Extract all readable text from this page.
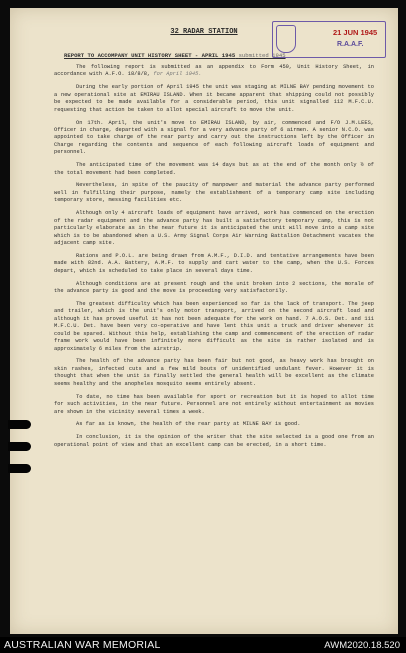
21 JUN 1945
R.A.A.F.
32 RADAR STATION
REPORT TO ACCOMPANY UNIT HISTORY SHEET - APRIL 1945 submitted 1945

The following report is submitted as an appendix to Form 450, Unit History Sheet, in accordance with A.F.O. 18/8/8, for April 1945.

During the early portion of April 1945 the unit was staging at MILNE BAY pending movement to a new operational site at EMIRAU ISLAND. When it became apparent that shipping could not possibly be expected to be made available for a considerable period, this unit signalled 112 M.F.C.U. requesting that action be taken to allot special aircraft to move the unit.

On 17th. April, the unit's move to EMIRAU ISLAND, by air, commenced and F/O J.M.LEES, Officer in charge, departed with a signal for a very advance party of 6 airmen. A senior N.C.O. was appointed to take charge of the rear party and carry out the instructions left by the Officer in Charge regarding the contents and sequence of each following aircraft loads of equipment and personnel.

The anticipated time of the movement was 14 days but as at the end of the month only ½ of the total movement had been completed.

Nevertheless, in spite of the paucity of manpower and material the advance party performed well in fulfilling their purpose, namely the establishment of a temporary camp site including temporary store, messing facilities etc.

Although only 4 aircraft loads of equipment have arrived, work has commenced on the erection of the radar equipment and the advance party has built a satisfactory temporary camp, this is not particularly elaborate as in the near future it is anticipated the unit will move into a camp site which is to be abandoned when a U.S. Army Signal Corps Air Warning Battalion Detachment vacates the adjacent camp site.

Rations and P.O.L. are being drawn from A.M.F., D.I.D. and tentative arrangements have been made with 82nd. A.A. Battery, A.M.F. to supply and cart water to the camp, when the U.S. Forces depart, which is scheduled to take place in several days time.

Although conditions are at present rough and the unit broken into 2 sections, the morale of the advance party is good and the move is proceeding very satisfactorily.

The greatest difficulty which has been experienced so far is the lack of transport. The jeep and trailer, which is the unit's only motor transport, arrived on the second aircraft load and although it has proved useful it has not been adequate for the work on hand. 7 A.O.S. Det. and 111 M.F.C.U. Det. have been very co-operative and have lent this unit a truck and driver whenever it could be spared. Without this help, establishing the camp and commencement of the erection of radar frame work would have been infinitely more difficult as the site is rather isolated and is approximately 6 miles from the airstrip.

The health of the advance party has been fair but not good, as heavy work has brought on skin rashes, infected cuts and a few mild bouts of unidentified undulant fever. However it is thought that when the unit is finally settled the general health will be excellent as the climate seems healthy and the anopheles mosquito seems entirely absent.

To date, no time has been available for sport or recreation but it is hoped to allot time for such activities, in the near future. Personnel are not entirely without entertainment as movies are shown in the vicinity several times a week.

As far as is known, the health of the rear party at MILNE BAY is good.

In conclusion, it is the opinion of the writer that the site selected is a good one from an operational point of view and that an excellent camp can be erected, in a short time.

AUSTRALIAN WAR MEMORIAL	AWM2020.18.520
